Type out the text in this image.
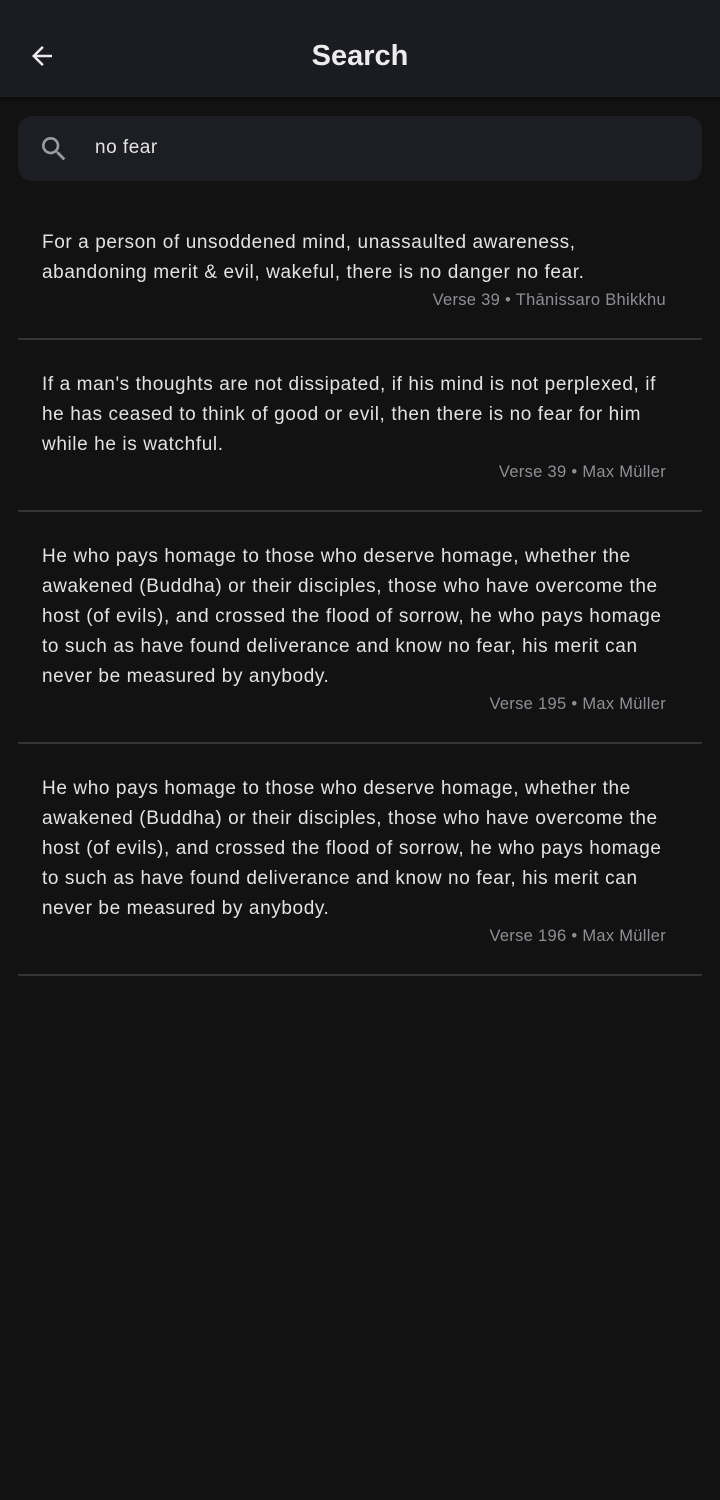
Search
no fear

For a person of unsoddened mind, unassaulted awareness, abandoning merit & evil, wakeful, there is no danger no fear.

Verse 39 • Thānissaro Bhikkhu

If a man's thoughts are not dissipated, if his mind is not perplexed, if he has ceased to think of good or evil, then there is no fear for him while he is watchful.

Verse 39 • Max Müller

He who pays homage to those who deserve homage, whether the awakened (Buddha) or their disciples, those who have overcome the host (of evils), and crossed the flood of sorrow, he who pays homage to such as have found deliverance and know no fear, his merit can never be measured by anybody.

Verse 195 • Max Müller

He who pays homage to those who deserve homage, whether the awakened (Buddha) or their disciples, those who have overcome the host (of evils), and crossed the flood of sorrow, he who pays homage to such as have found deliverance and know no fear, his merit can never be measured by anybody.

Verse 196 • Max Müller
